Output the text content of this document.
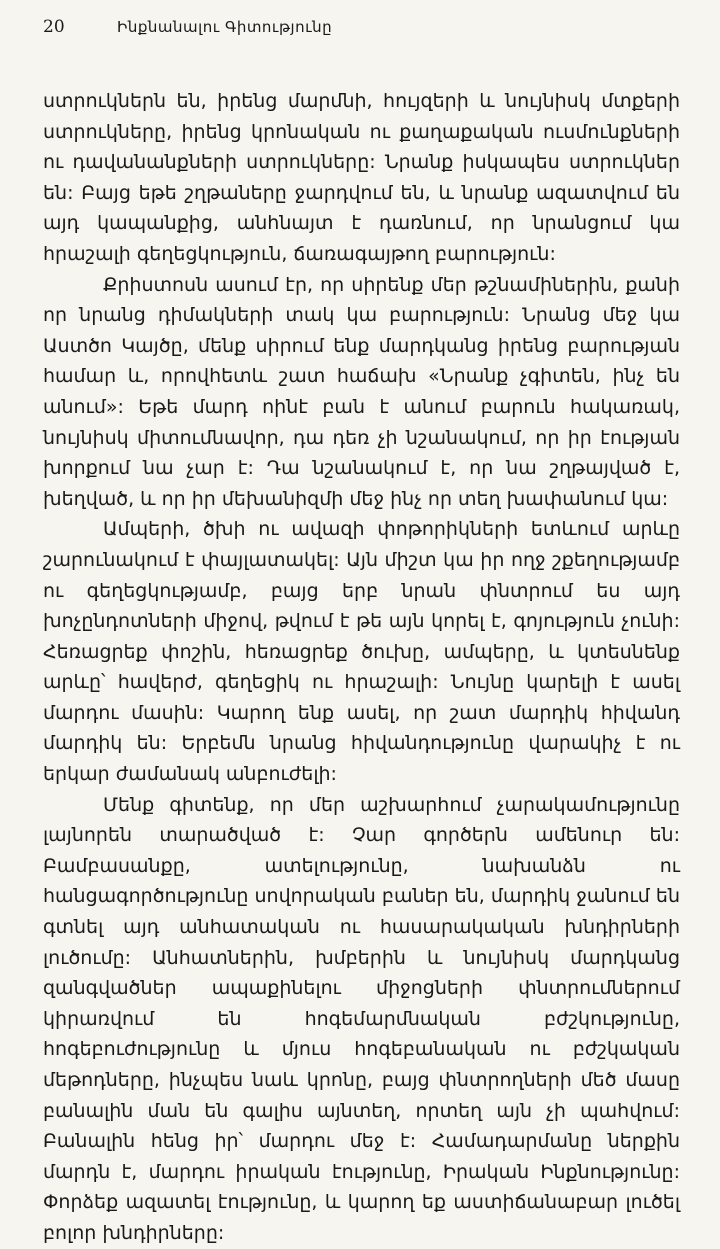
20	Ինքնանալու Գիտությունը

ստրուկներն են, իրենց մարմնի, հույզերի և նույնիսկ մտքերի ստրուկները, իրենց կրոնական ու քաղաքական ուսմունքների ու դավանանքների ստրուկները: Նրանք իսկապես ստրուկներ են: Բայց եթե շղթաները ջարդվում են, և նրանք ազատվում են այդ կապանքից, անհնայտ է դառնում, որ նրանցում կա հրաշալի գեղեցկություն, ճառագայթող բարություն:

Քրիստոսն ասում էր, որ սիրենք մեր թշնամիներին, քանի որ նրանց դիմակների տակ կա բարություն: Նրանց մեջ կա Աստծո Կայծը, մենք սիրում ենք մարդկանց իրենց բարության համար և, որովհետև շատ հաճախ «Նրանք չգիտեն, ինչ են անում»: Եթե մարդ ոինէ բան է անում բարուն հակառակ, նույնիսկ միտումնավոր, դա դեռ չի նշանակում, որ իր էության խորքում նա չար է: Դա նշանակում է, որ նա շղթայված է, խեղված, և որ իր մեխանիզմի մեջ ինչ որ տեղ խափանում կա:

Ամպերի, ծխի ու ավազի փոթորիկների ետևում արևը շարունակում է փայլատակել: Այն միշտ կա իր ողջ շքեղությամբ ու գեղեցկությամբ, բայց երբ նրան փնտրում ես այդ խոչընդոտների միջով, թվում է թե այն կորել է, գոյություն չունի: Հեռացրեք փոշին, հեռացրեք ծուխը, ամպերը, և կտեսնենք արևը՝ հավերժ, գեղեցիկ ու հրաշալի: Նույնը կարելի է ասել մարդու մասին: Կարող ենք ասել, որ շատ մարդիկ հիվանդ մարդիկ են: Երբեմն նրանց հիվանդությունը վարակիչ է ու երկար ժամանակ անբուժելի:

Մենք գիտենք, որ մեր աշխարհում չարակամությունը լայնորեն տարածված է: Չար գործերն ամենուր են: Բամբասանքը, ատելությունը, նախանձն ու հանցագործությունը սովորական բաներ են, մարդիկ ջանում են գտնել այդ անհատական ու հասարակական խնդիրների լուծումը: Անհատներին, խմբերին և նույնիսկ մարդկանց զանգվածներ ապաքինելու միջոցների փնտրումներում կիրառվում են հոգեմարմնական բժշկությունը, հոգեբուժությունը և մյուս հոգեբանական ու բժշկական մեթոդները, ինչպես նաև կրոնը, բայց փնտրողների մեծ մասը բանալին ման են գալիս այնտեղ, որտեղ այն չի պահվում: Բանալին հենց իր՝ մարդու մեջ է: Համադարմանը ներքին մարդն է, մարդու իրական էությունը, Իրական Ինքնությունը: Փորձեք ազատել էությունը, և կարող եք աստիճանաբար լուծել բոլոր խնդիրները:
